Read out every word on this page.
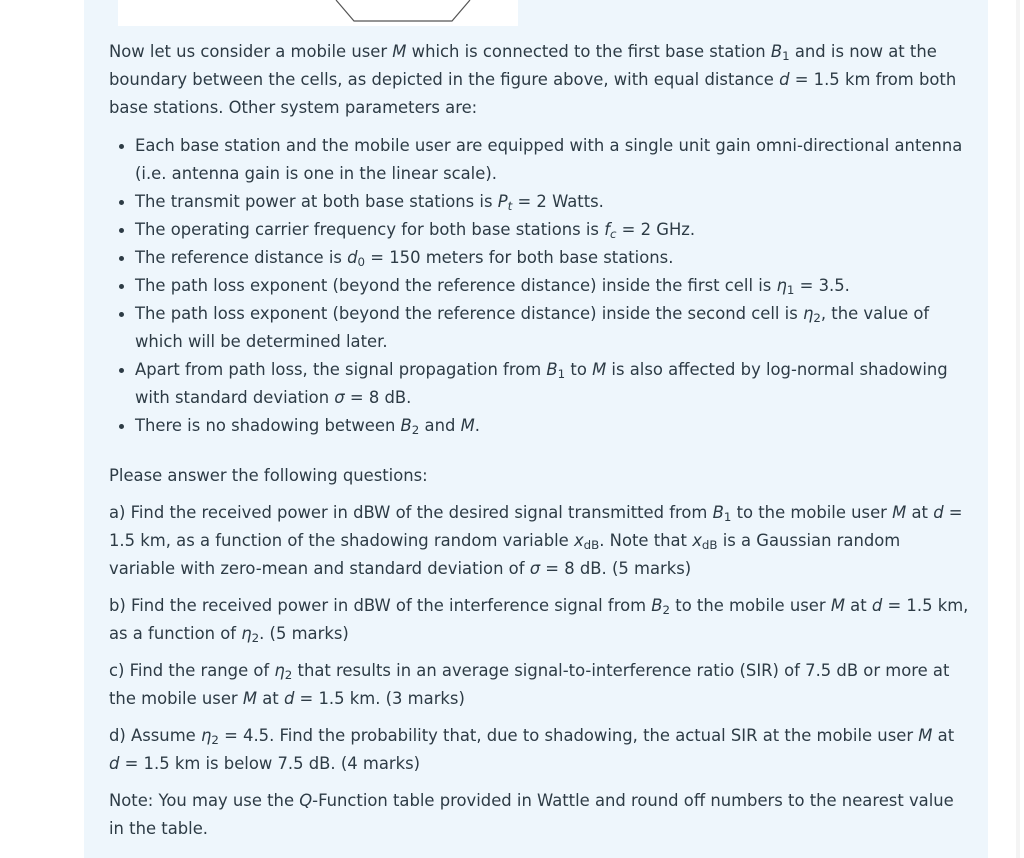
Now let us consider a mobile user M which is connected to the first base station $B_1$ and is now at the boundary between the cells, as depicted in the figure above, with equal distance d = 1.5 km from both base stations. Other system parameters are:

• Each base station and the mobile user are equipped with a single unit gain omni-directional antenna (i.e. antenna gain is one in the linear scale).
• The transmit power at both base stations is $P_t = 2$ Watts.
• The operating carrier frequency for both base stations is $f_c = 2$ GHz.
• The reference distance is $d_0 = 150$ meters for both base stations.
• The path loss exponent (beyond the reference distance) inside the first cell is $\eta_1 = 3.5$.
• The path loss exponent (beyond the reference distance) inside the second cell is $\eta_2$, the value of which will be determined later.
• Apart from path loss, the signal propagation from $B_1$ to M is also affected by log-normal shadowing with standard deviation σ = 8 dB.
• There is no shadowing between $B_2$ and M.

Please answer the following questions:

a) Find the received power in dBW of the desired signal transmitted from $B_1$ to the mobile user M at d = 1.5 km, as a function of the shadowing random variable $x_{dB}$. Note that $x_{dB}$ is a Gaussian random variable with zero-mean and standard deviation of σ = 8 dB. (5 marks)

b) Find the received power in dBW of the interference signal from $B_2$ to the mobile user M at d = 1.5 km, as a function of $\eta_2$. (5 marks)

c) Find the range of $\eta_2$ that results in an average signal-to-interference ratio (SIR) of 7.5 dB or more at the mobile user M at d = 1.5 km. (3 marks)

d) Assume $\eta_2 = 4.5$. Find the probability that, due to shadowing, the actual SIR at the mobile user M at d = 1.5 km is below 7.5 dB. (4 marks)

Note: You may use the Q-Function table provided in Wattle and round off numbers to the nearest value in the table.
